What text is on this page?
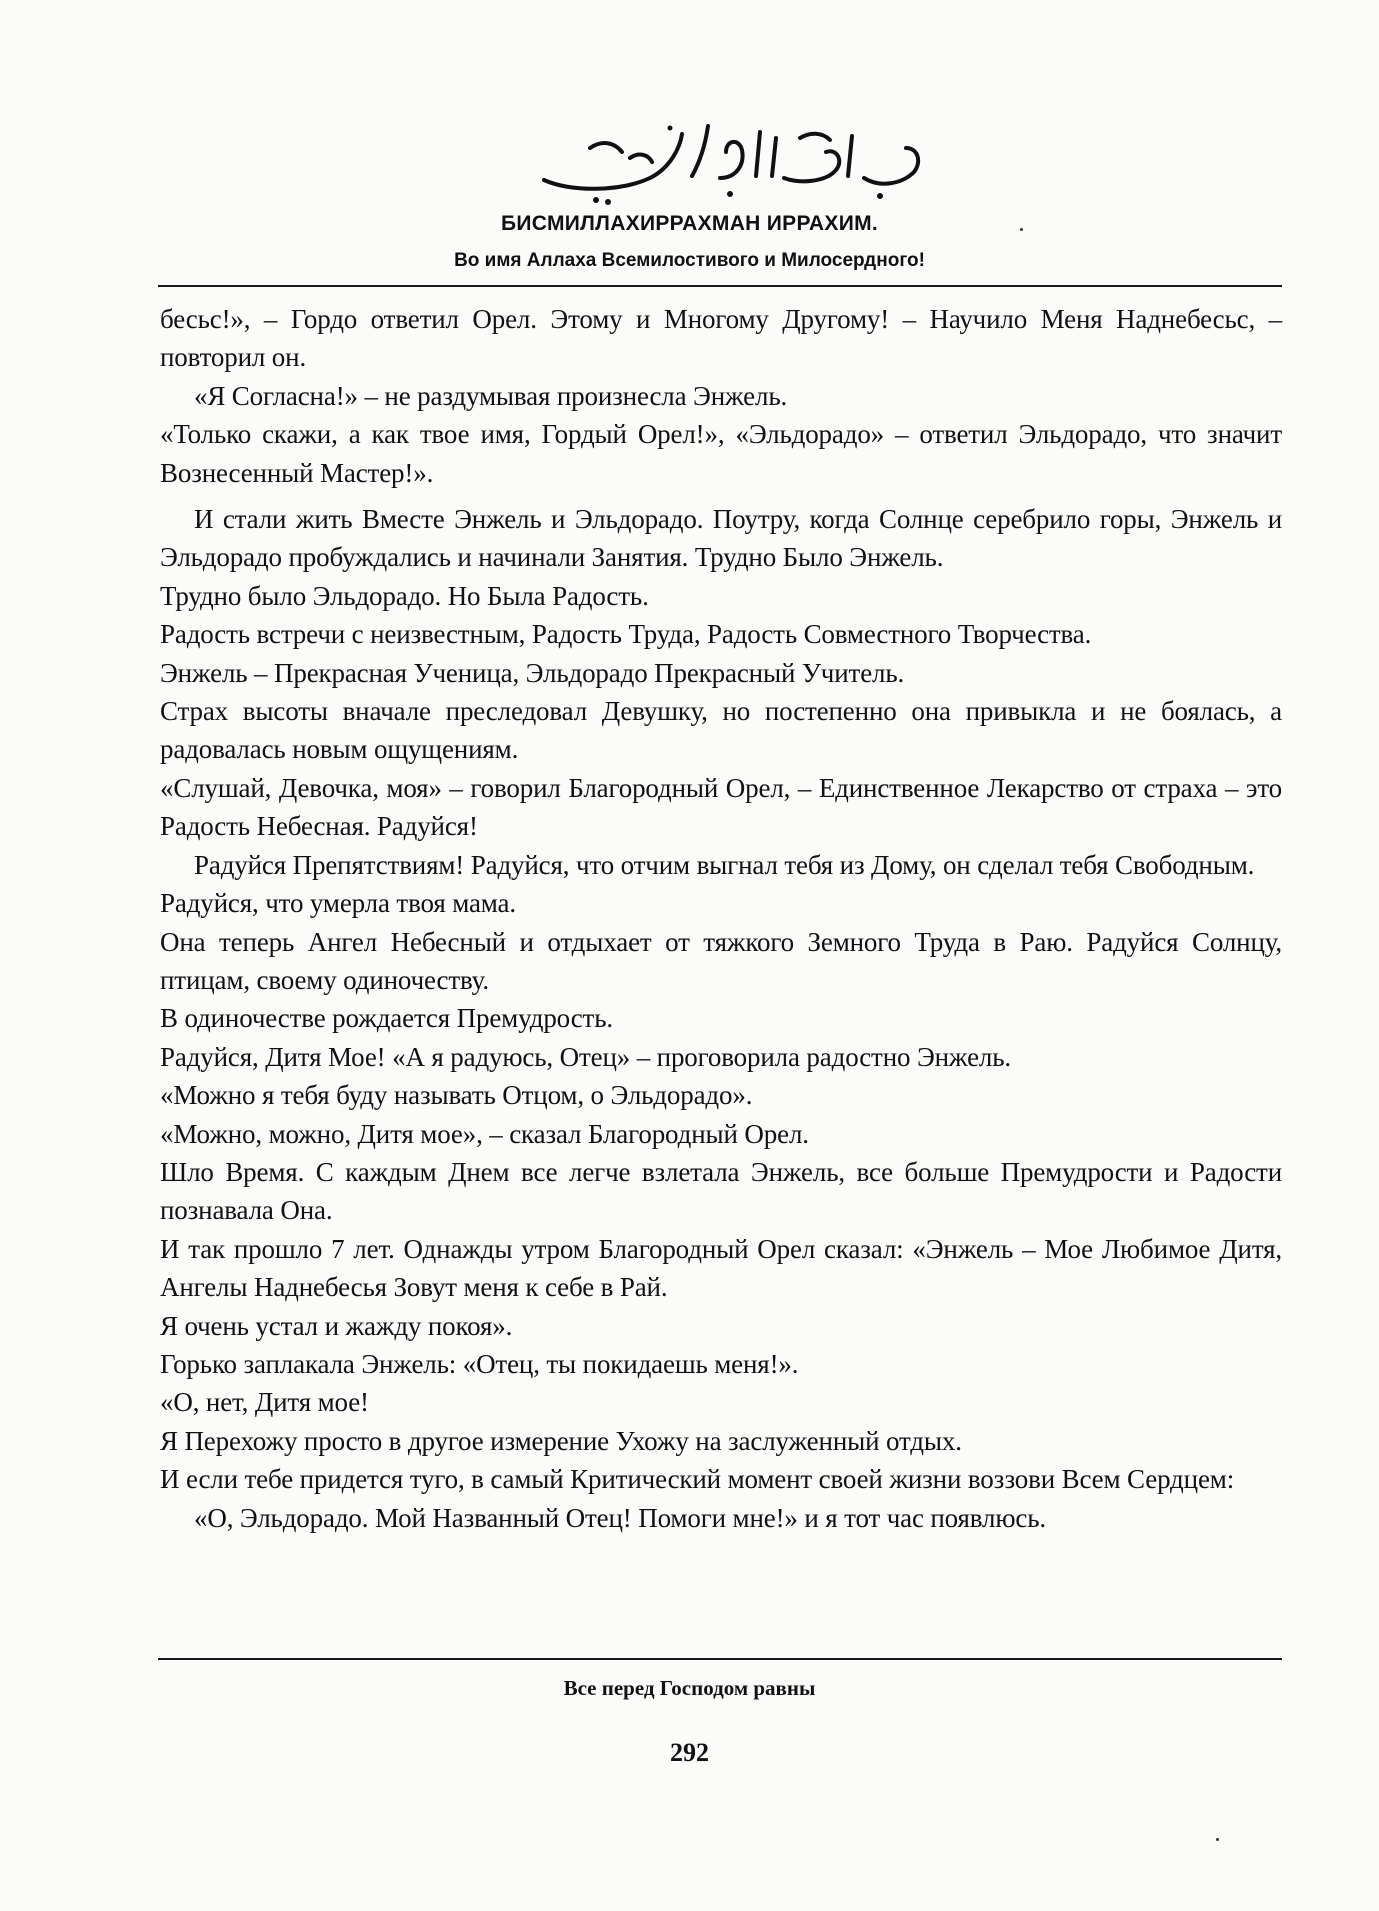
БИСМИЛЛАХИРРАХМАН ИРРАХИМ.
Во имя Аллаха Всемилостивого и Милосердного!

бесьс!», – Гордо ответил Орел. Этому и Многому Другому! – Научило Меня Наднебесьс, – повторил он.

«Я Согласна!» – не раздумывая произнесла Энжель.

«Только скажи, а как твое имя, Гордый Орел!», «Эльдорадо» – ответил Эльдорадо, что значит Вознесенный Мастер!».

И стали жить Вместе Энжель и Эльдорадо. Поутру, когда Солнце серебрило горы, Энжель и Эльдорадо пробуждались и начинали Занятия. Трудно Было Энжель.

Трудно было Эльдорадо. Но Была Радость.

Радость встречи с неизвестным, Радость Труда, Радость Совместного Творчества.

Энжель – Прекрасная Ученица, Эльдорадо Прекрасный Учитель.

Страх высоты вначале преследовал Девушку, но постепенно она привыкла и не боялась, а радовалась новым ощущениям.

«Слушай, Девочка, моя» – говорил Благородный Орел, – Единственное Лекарство от страха – это Радость Небесная. Радуйся!

Радуйся Препятствиям! Радуйся, что отчим выгнал тебя из Дому, он сделал тебя Свободным.

Радуйся, что умерла твоя мама.

Она теперь Ангел Небесный и отдыхает от тяжкого Земного Труда в Раю. Радуйся Солнцу, птицам, своему одиночеству.

В одиночестве рождается Премудрость.

Радуйся, Дитя Мое! «А я радуюсь, Отец» – проговорила радостно Энжель.

«Можно я тебя буду называть Отцом, о Эльдорадо».

«Можно, можно, Дитя мое», – сказал Благородный Орел.

Шло Время. С каждым Днем все легче взлетала Энжель, все больше Премудрости и Радости познавала Она.

И так прошло 7 лет. Однажды утром Благородный Орел сказал: «Энжель – Мое Любимое Дитя, Ангелы Наднебесья Зовут меня к себе в Рай.

Я очень устал и жажду покоя».

Горько заплакала Энжель: «Отец, ты покидаешь меня!».

«О, нет, Дитя мое!

Я Перехожу просто в другое измерение Ухожу на заслуженный отдых.

И если тебе придется туго, в самый Критический момент своей жизни воззови Всем Сердцем:

«О, Эльдорадо. Мой Названный Отец! Помоги мне!» и я тот час появлюсь.

Все перед Господом равны
292
